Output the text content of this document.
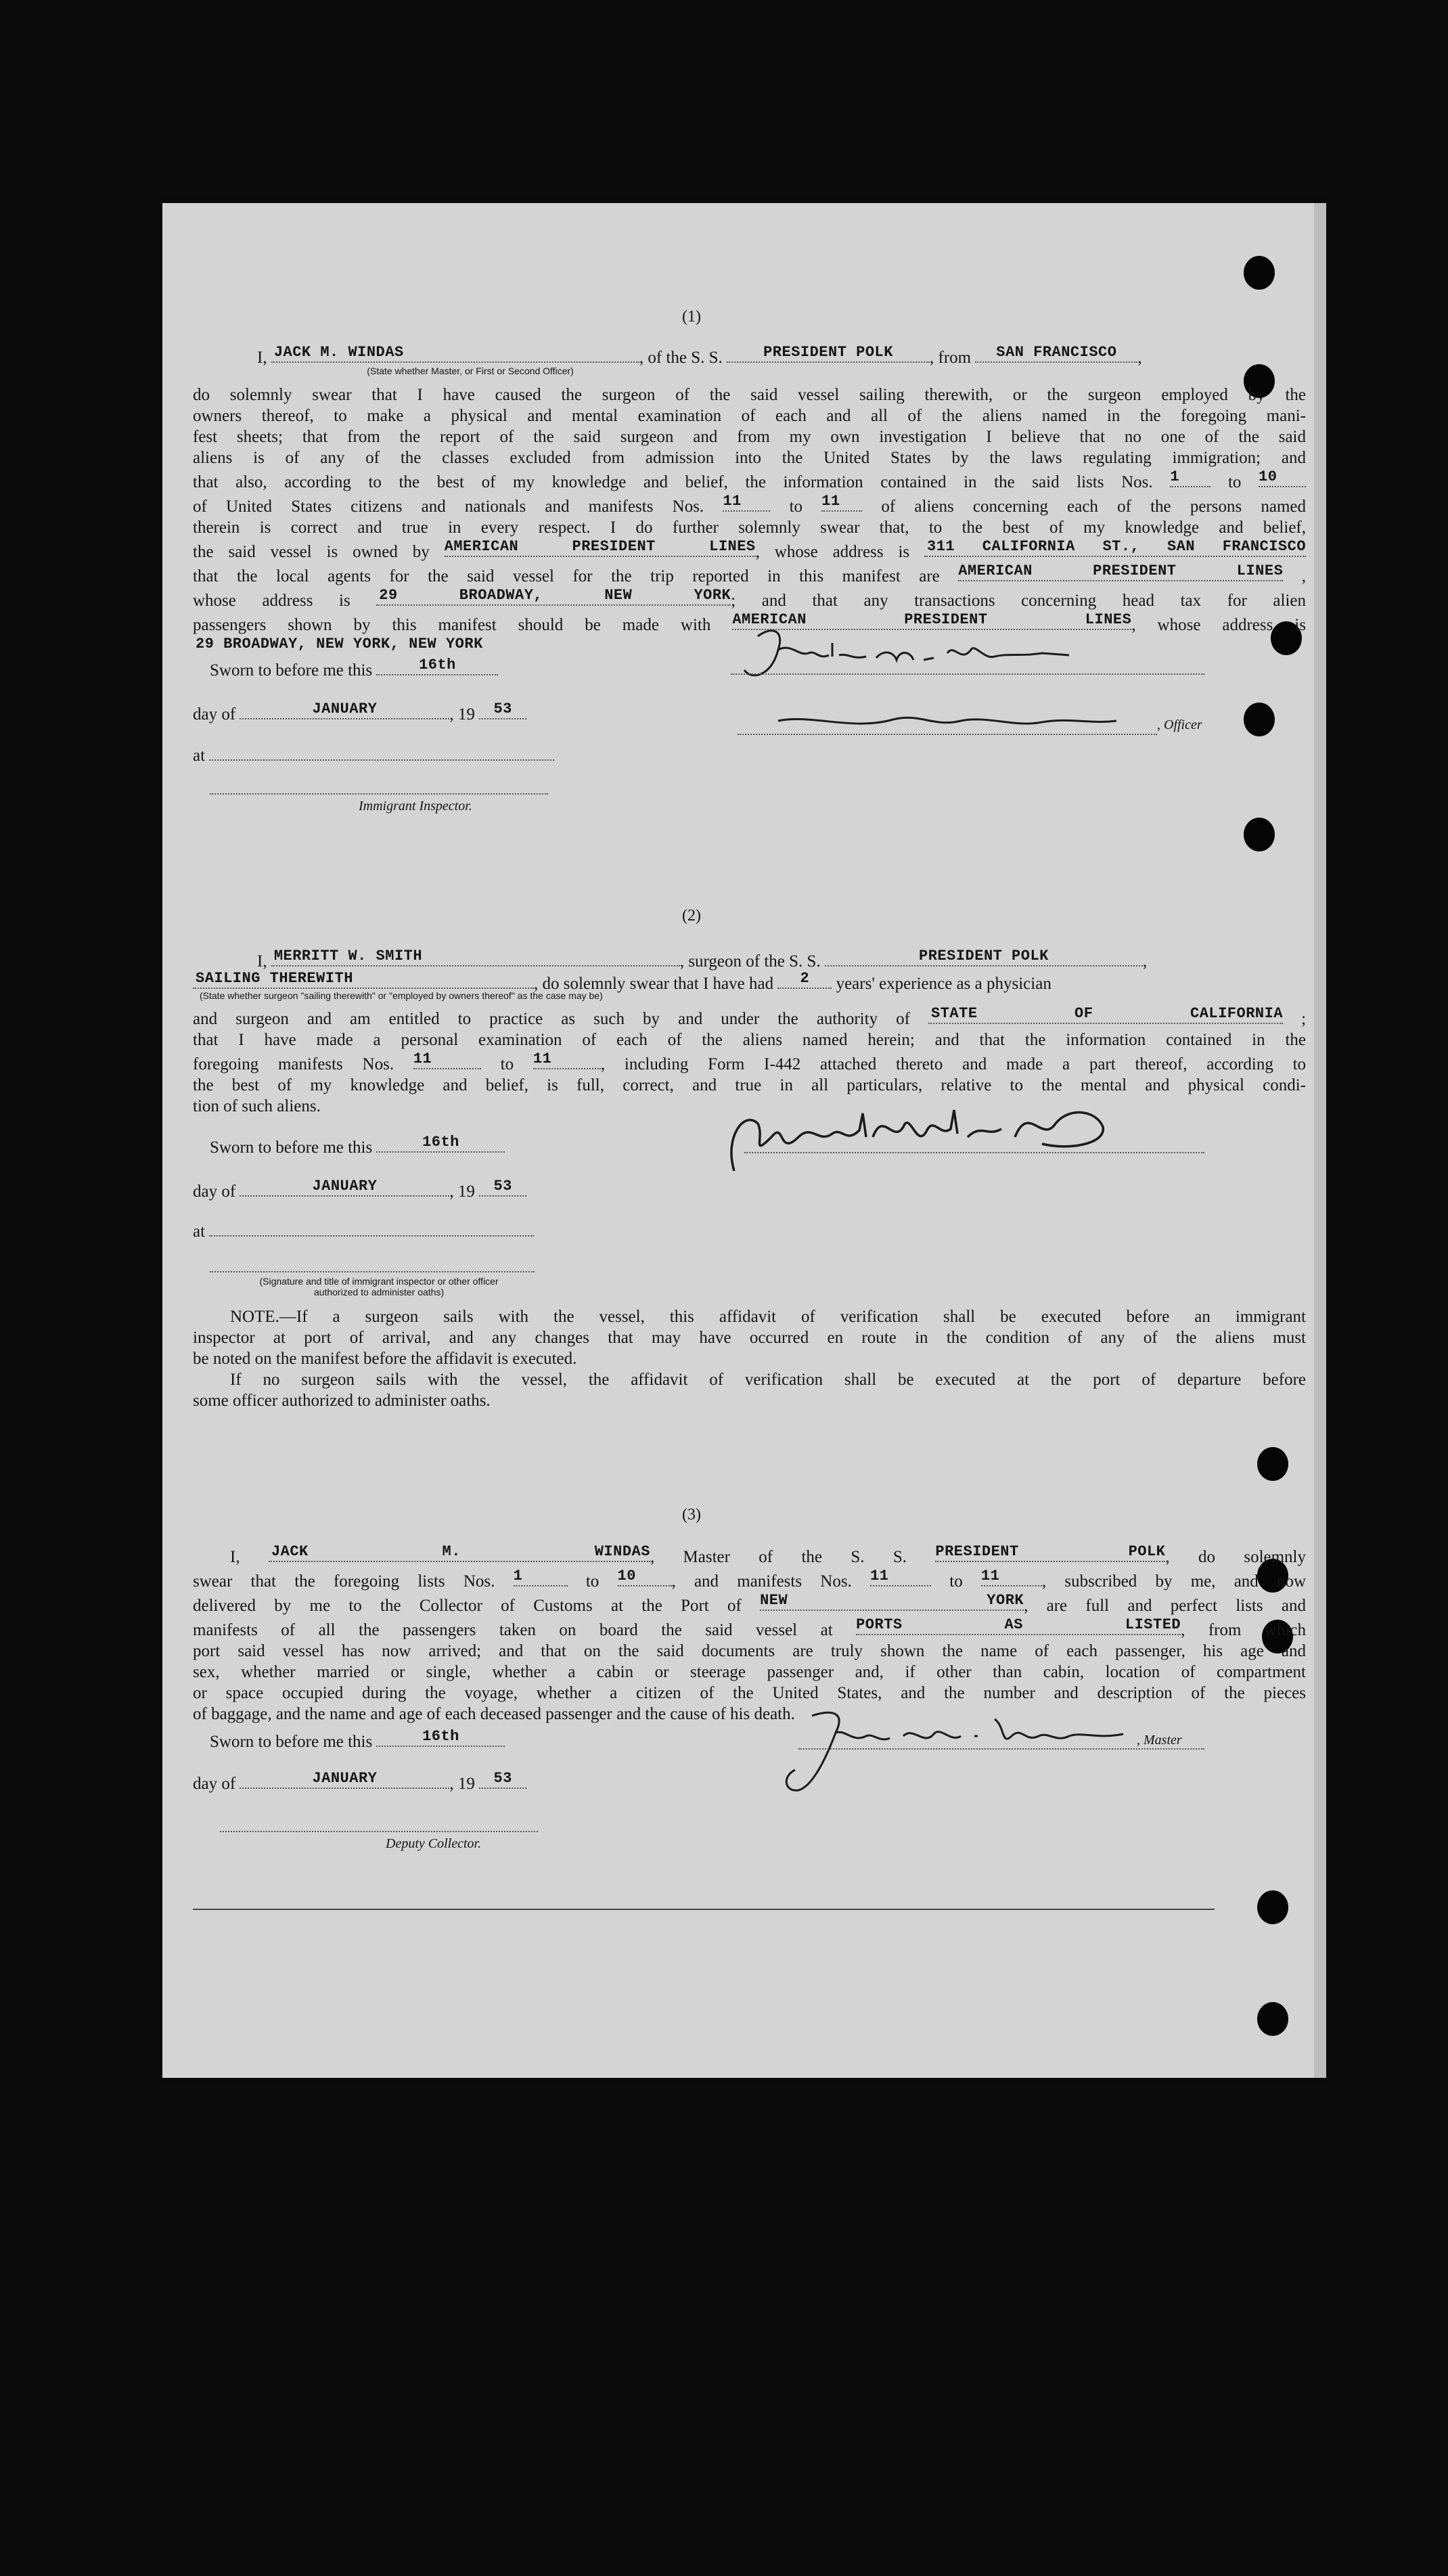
(1)
I, JACK M. WINDAS	, of the S. S.	PRESIDENT POLK , from SAN FRANCISCO ,
(State whether Master, or First or Second Officer)
do solemnly swear that I have caused the surgeon of the said vessel sailing therewith, or the surgeon employed by the
owners thereof, to make a physical and mental examination of each and all of the aliens named in the foregoing mani-
fest sheets; that from the report of the said surgeon and from my own investigation I believe that no one of the said
aliens is of any of the classes excluded from admission into the United States by the laws regulating immigration; and
that also, according to the best of my knowledge and belief, the information contained in the said lists Nos. 1	to 10
of United States citizens and nationals and manifests Nos. 11	to 11 of aliens concerning each of the persons named
therein is correct and true in every respect. I do further solemnly swear that, to the best of my knowledge and belief,
the said vessel is owned by AMERICAN PRESIDENT LINES, whose address is 311 CALIFORNIA ST., SAN FRANCISCO
that the local agents for the said vessel for the trip reported in this manifest are AMERICAN PRESIDENT LINES ,
whose address is 29 BROADWAY, NEW YORK; and that any transactions concerning head tax for alien
passengers shown by this manifest should be made with AMERICAN PRESIDENT LINES, whose address is
29 BROADWAY, NEW YORK, NEW YORK
Sworn to before me this	16th
day of	JANUARY	, 19 53
at
Immigrant Inspector.
, Officer
(2)
I, MERRITT W. SMITH	, surgeon of the S. S.	PRESIDENT POLK	,
SAILING THEREWITH	, do solemnly swear that I have had 2 years' experience as a physician
(State whether surgeon "sailing therewith" or "employed by owners thereof" as the case may be)
and surgeon and am entitled to practice as such by and under the authority of STATE OF CALIFORNIA ;
that I have made a personal examination of each of the aliens named herein; and that the information contained in the
foregoing manifests Nos. 11	to 11	, including Form I-442 attached thereto and made a part thereof, according to
the best of my knowledge and belief, is full, correct, and true in all particulars, relative to the mental and physical condi-
tion of such aliens.
Sworn to before me this	16th
day of	JANUARY	, 19 53
at
(Signature and title of immigrant inspector or other officer authorized to administer oaths)
NOTE.—If a surgeon sails with the vessel, this affidavit of verification shall be executed before an immigrant
inspector at port of arrival, and any changes that may have occurred en route in the condition of any of the aliens must
be noted on the manifest before the affidavit is executed.
If no surgeon sails with the vessel, the affidavit of verification shall be executed at the port of departure before
some officer authorized to administer oaths.
(3)
I, JACK M. WINDAS, Master of the S. S. PRESIDENT POLK, do solemnly
swear that the foregoing lists Nos. 1	to 10 , and manifests Nos. 11	to 11	, subscribed by me, and now
delivered by me to the Collector of Customs at the Port of NEW YORK, are full and perfect lists and
manifests of all the passengers taken on board the said vessel at PORTS AS LISTED, from which
port said vessel has now arrived; and that on the said documents are truly shown the name of each passenger, his age and
sex, whether married or single, whether a cabin or steerage passenger and, if other than cabin, location of compartment
or space occupied during the voyage, whether a citizen of the United States, and the number and description of the pieces
of baggage, and the name and age of each deceased passenger and the cause of his death.
Sworn to before me this	16th
day of	JANUARY	, 19 53
Deputy Collector.
, Master
